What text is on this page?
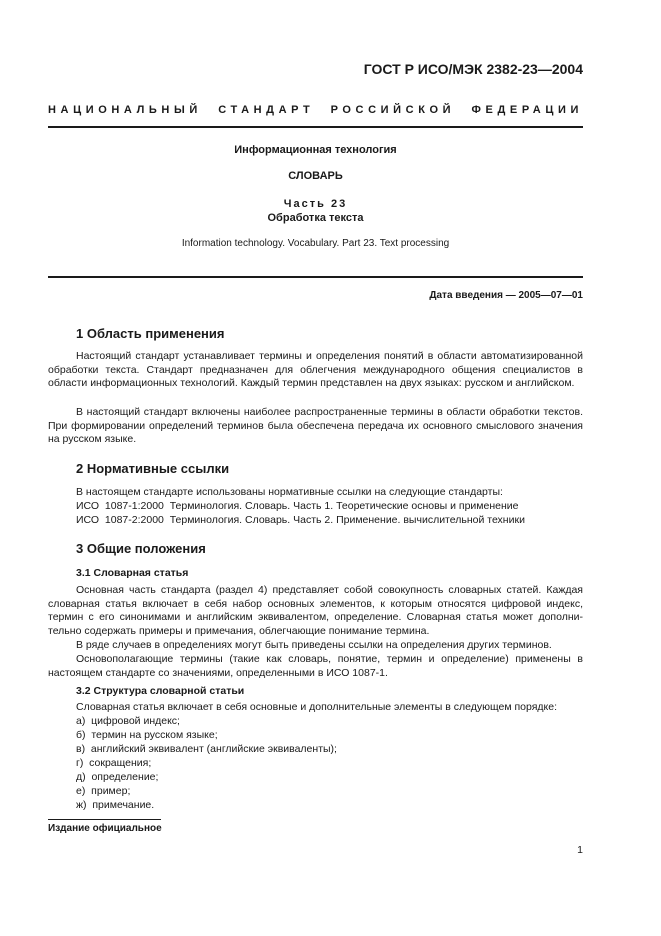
ГОСТ Р ИСО/МЭК 2382-23—2004
НАЦИОНАЛЬНЫЙ СТАНДАРТ РОССИЙСКОЙ ФЕДЕРАЦИИ
Информационная технология
СЛОВАРЬ
Часть 23
Обработка текста
Information technology. Vocabulary. Part 23. Text processing
Дата введения — 2005—07—01
1 Область применения

Настоящий стандарт устанавливает термины и определения понятий в области автоматизированной обработки текста. Стандарт предназначен для облегчения международного общения специалистов в области информационных технологий. Каждый термин представлен на двух языках: русском и английском.

В настоящий стандарт включены наиболее распространенные термины в области обработки текстов. При формировании определений терминов была обеспечена передача их основного смыслового значения на русском языке.

2 Нормативные ссылки
В настоящем стандарте использованы нормативные ссылки на следующие стандарты:
ИСО  1087-1:2000  Терминология. Словарь. Часть 1. Теоретические основы и применение
ИСО  1087-2:2000  Терминология. Словарь. Часть 2. Применение. вычислительной техники
3 Общие положения
3.1 Словарная статья

Основная часть стандарта (раздел 4) представляет собой совокупность словарных статей. Каждая словарная статья включает в себя набор основных элементов, к которым относятся цифровой индекс, термин с его синонимами и английским эквивалентом, определение. Словарная статья может дополнительно содержать примеры и примечания, облегчающие понимание термина.

В ряде случаев в определениях могут быть приведены ссылки на определения других терминов.

Основополагающие термины (такие как словарь, понятие, термин и определение) применены в настоящем стандарте со значениями, определенными в ИСО 1087-1.

3.2 Структура словарной статьи
Словарная статья включает в себя основные и дополнительные элементы в следующем порядке:
а)  цифровой индекс;
б)  термин на русском языке;
в)  английский эквивалент (английские эквиваленты);
г)  сокращения;
д)  определение;
е)  пример;
ж)  примечание.
Издание официальное
1
